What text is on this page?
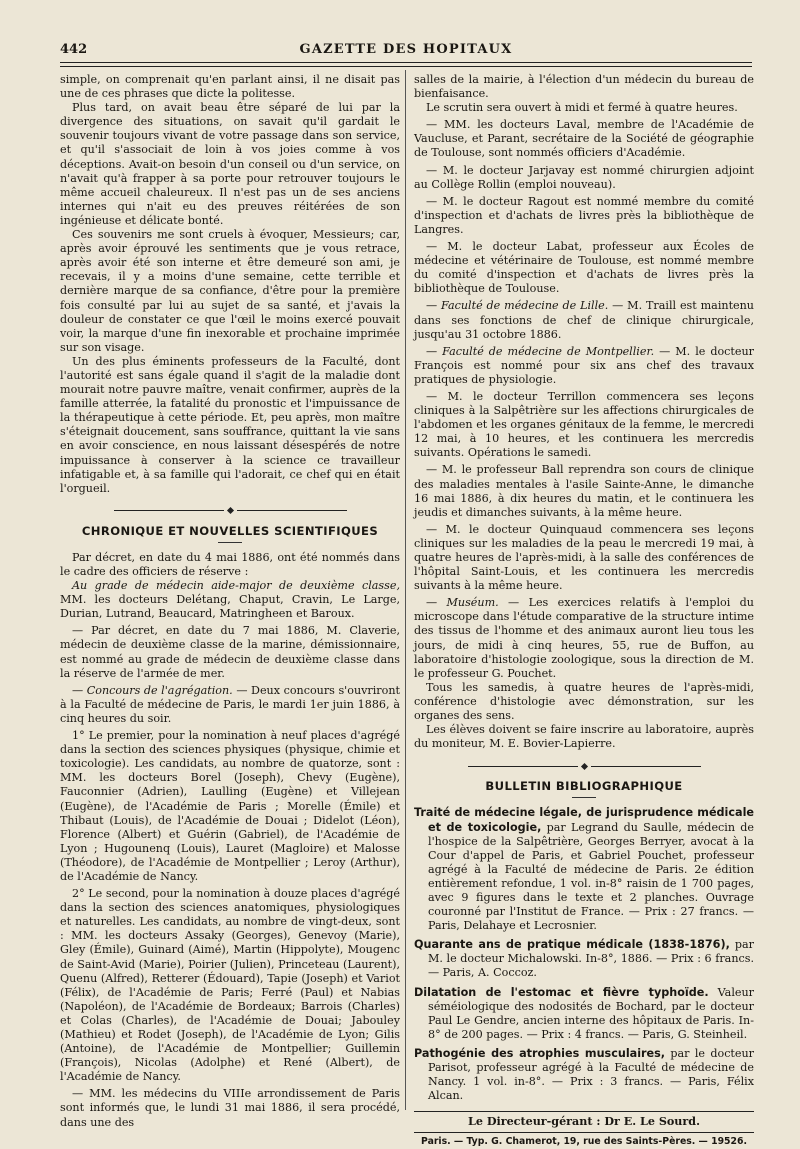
442	GAZETTE DES HOPITAUX

simple, on comprenait qu'en parlant ainsi, il ne disait pas une de ces phrases que dicte la politesse.

Plus tard, on avait beau être séparé de lui par la divergence des situations, on savait qu'il gardait le souvenir toujours vivant de votre passage dans son service, et qu'il s'associait de loin à vos joies comme à vos déceptions. Avait-on besoin d'un conseil ou d'un service, on n'avait qu'à frapper à sa porte pour retrouver toujours le même accueil chaleureux. Il n'est pas un de ses anciens internes qui n'ait eu des preuves réitérées de son ingénieuse et délicate bonté.

Ces souvenirs me sont cruels à évoquer, Messieurs; car, après avoir éprouvé les sentiments que je vous retrace, après avoir été son interne et être demeuré son ami, je recevais, il y a moins d'une semaine, cette terrible et dernière marque de sa confiance, d'être pour la première fois consulté par lui au sujet de sa santé, et j'avais la douleur de constater ce que l'œil le moins exercé pouvait voir, la marque d'une fin inexorable et prochaine imprimée sur son visage.

Un des plus éminents professeurs de la Faculté, dont l'autorité est sans égale quand il s'agit de la maladie dont mourait notre pauvre maître, venait confirmer, auprès de la famille atterrée, la fatalité du pronostic et l'impuissance de la thérapeutique à cette période. Et, peu après, mon maître s'éteignait doucement, sans souffrance, quittant la vie sans en avoir conscience, en nous laissant désespérés de notre impuissance à conserver à la science ce travailleur infatigable et, à sa famille qui l'adorait, ce chef qui en était l'orgueil.

CHRONIQUE ET NOUVELLES SCIENTIFIQUES

Par décret, en date du 4 mai 1886, ont été nommés dans le cadre des officiers de réserve :

Au grade de médecin aide-major de deuxième classe, MM. les docteurs Delétang, Chaput, Cravin, Le Large, Durian, Lutrand, Beaucard, Matringheen et Baroux.

— Par décret, en date du 7 mai 1886, M. Claverie, médecin de deuxième classe de la marine, démissionnaire, est nommé au grade de médecin de deuxième classe dans la réserve de l'armée de mer.

— Concours de l'agrégation. — Deux concours s'ouvriront à la Faculté de médecine de Paris, le mardi 1er juin 1886, à cinq heures du soir.

1° Le premier, pour la nomination à neuf places d'agrégé dans la section des sciences physiques (physique, chimie et toxicologie). Les candidats, au nombre de quatorze, sont : MM. les docteurs Borel (Joseph), Chevy (Eugène), Fauconnier (Adrien), Laulling (Eugène) et Villejean (Eugène), de l'Académie de Paris ; Morelle (Émile) et Thibaut (Louis), de l'Académie de Douai ; Didelot (Léon), Florence (Albert) et Guérin (Gabriel), de l'Académie de Lyon ; Hugounenq (Louis), Lauret (Magloire) et Malosse (Théodore), de l'Académie de Montpellier ; Leroy (Arthur), de l'Académie de Nancy.

2° Le second, pour la nomination à douze places d'agrégé dans la section des sciences anatomiques, physiologiques et naturelles. Les candidats, au nombre de vingt-deux, sont : MM. les docteurs Assaky (Georges), Genevoy (Marie), Gley (Émile), Guinard (Aimé), Martin (Hippolyte), Mougenc de Saint-Avid (Marie), Poirier (Julien), Princeteau (Laurent), Quenu (Alfred), Retterer (Édouard), Tapie (Joseph) et Variot (Félix), de l'Académie de Paris; Ferré (Paul) et Nabias (Napoléon), de l'Académie de Bordeaux; Barrois (Charles) et Colas (Charles), de l'Académie de Douai; Jabouley (Mathieu) et Rodet (Joseph), de l'Académie de Lyon; Gilis (Antoine), de l'Académie de Montpellier; Guillemin (François), Nicolas (Adolphe) et René (Albert), de l'Académie de Nancy.

— MM. les médecins du VIIIe arrondissement de Paris sont informés que, le lundi 31 mai 1886, il sera procédé, dans une des

salles de la mairie, à l'élection d'un médecin du bureau de bienfaisance.

Le scrutin sera ouvert à midi et fermé à quatre heures.

— MM. les docteurs Laval, membre de l'Académie de Vaucluse, et Parant, secrétaire de la Société de géographie de Toulouse, sont nommés officiers d'Académie.

— M. le docteur Jarjavay est nommé chirurgien adjoint au Collège Rollin (emploi nouveau).

— M. le docteur Ragout est nommé membre du comité d'inspection et d'achats de livres près la bibliothèque de Langres.

— M. le docteur Labat, professeur aux Écoles de médecine et vétérinaire de Toulouse, est nommé membre du comité d'inspection et d'achats de livres près la bibliothèque de Toulouse.

— Faculté de médecine de Lille. — M. Traill est maintenu dans ses fonctions de chef de clinique chirurgicale, jusqu'au 31 octobre 1886.

— Faculté de médecine de Montpellier. — M. le docteur François est nommé pour six ans chef des travaux pratiques de physiologie.

— M. le docteur Terrillon commencera ses leçons cliniques à la Salpêtrière sur les affections chirurgicales de l'abdomen et les organes génitaux de la femme, le mercredi 12 mai, à 10 heures, et les continuera les mercredis suivants. Opérations le samedi.

— M. le professeur Ball reprendra son cours de clinique des maladies mentales à l'asile Sainte-Anne, le dimanche 16 mai 1886, à dix heures du matin, et le continuera les jeudis et dimanches suivants, à la même heure.

— M. le docteur Quinquaud commencera ses leçons cliniques sur les maladies de la peau le mercredi 19 mai, à quatre heures de l'après-midi, à la salle des conférences de l'hôpital Saint-Louis, et les continuera les mercredis suivants à la même heure.

— Muséum. — Les exercices relatifs à l'emploi du microscope dans l'étude comparative de la structure intime des tissus de l'homme et des animaux auront lieu tous les jours, de midi à cinq heures, 55, rue de Buffon, au laboratoire d'histologie zoologique, sous la direction de M. le professeur G. Pouchet.

Tous les samedis, à quatre heures de l'après-midi, conférence d'histologie avec démonstration, sur les organes des sens.

Les élèves doivent se faire inscrire au laboratoire, auprès du moniteur, M. E. Bovier-Lapierre.

BULLETIN BIBLIOGRAPHIQUE

Traité de médecine légale, de jurisprudence médicale et de toxicologie, par Legrand du Saulle, médecin de l'hospice de la Salpêtrière, Georges Berryer, avocat à la Cour d'appel de Paris, et Gabriel Pouchet, professeur agrégé à la Faculté de médecine de Paris. 2e édition entièrement refondue, 1 vol. in-8° raisin de 1 700 pages, avec 9 figures dans le texte et 2 planches. Ouvrage couronné par l'Institut de France. — Prix : 27 francs. — Paris, Delahaye et Lecrosnier.

Quarante ans de pratique médicale (1838-1876), par M. le docteur Michalowski. In-8°, 1886. — Prix : 6 francs. — Paris, A. Coccoz.

Dilatation de l'estomac et fièvre typhoïde. Valeur séméiologique des nodosités de Bochard, par le docteur Paul Le Gendre, ancien interne des hôpitaux de Paris. In-8° de 200 pages. — Prix : 4 francs. — Paris, G. Steinheil.

Pathogénie des atrophies musculaires, par le docteur Parisot, professeur agrégé à la Faculté de médecine de Nancy. 1 vol. in-8°. — Prix : 3 francs. — Paris, Félix Alcan.

Le Directeur-gérant : Dr E. Le Sourd.
Paris. — Typ. G. Chamerot, 19, rue des Saints-Pères. — 19526.
